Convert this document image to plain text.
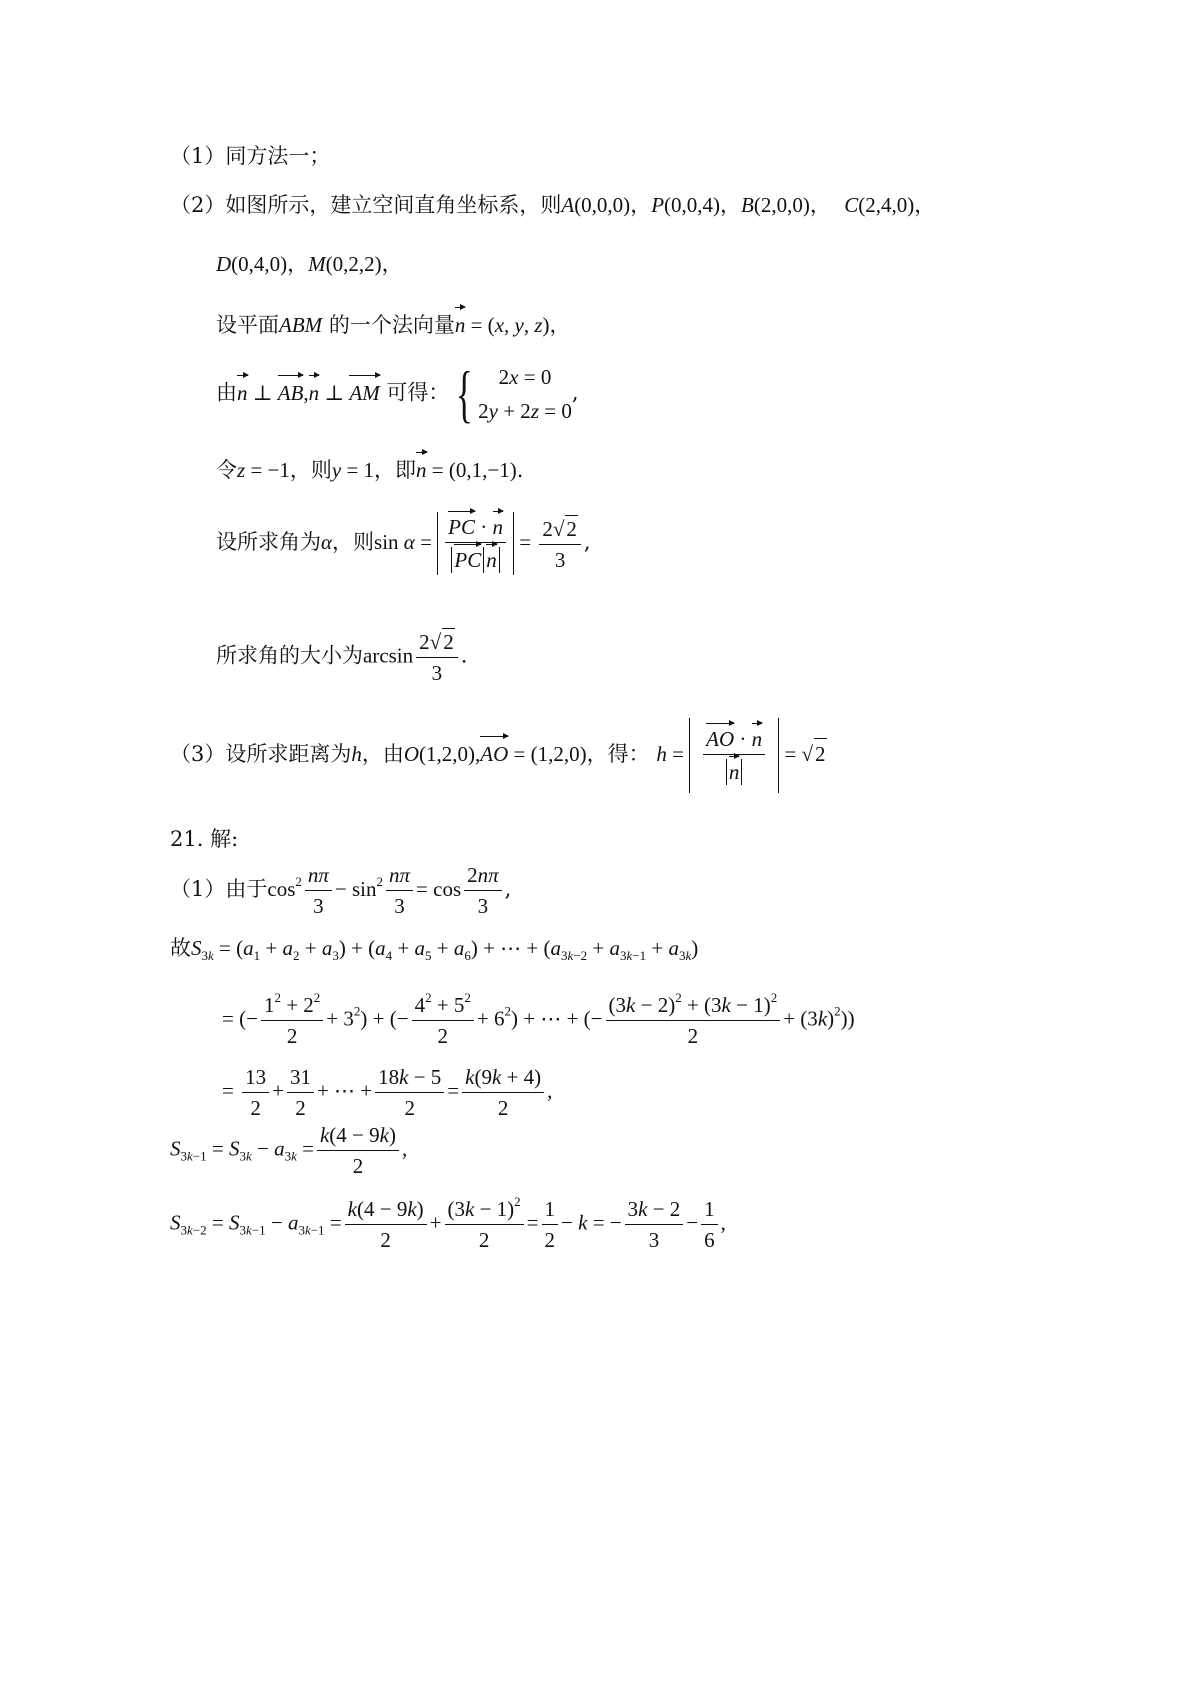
（1）同方法一；
（2）如图所示，建立空间直角坐标系，则A(0,0,0)，P(0,0,4)，B(2,0,0)， C(2,4,0)，
D(0,4,0)，M(0,2,2)，
设平面ABM 的一个法向量n = (x, y, z)，
由n ⊥ AB,n ⊥ AM 可得： { 2x = 0
2y + 2z = 0
,
令z = −1，则y = 1，即n = (0,1,−1).
设所求角为α，则$\sin \alpha = \frac{PC \cdot n}{\text{PC n}} = \frac{2√2}{3}$ ,
所求角的大小为$\arcsin \frac{2√2}{3}$ .
（3）设所求距离为h，由O(1,2,0),AO = (1,2,0)，得： $h = \frac{AO \cdot n}{n} = √2$
21. 解:
（1）由于$\cos^2 \frac{n\pi}{3} - \sin^2 \frac{n\pi}{3} = \cos \frac{2n\pi}{3}$ ,
故$S_{3k} = (a_1 + a_2 + a_3) + (a_4 + a_5 + a_6)$ + ⋯ + $(a_{3k-2} + a_{3k-1} + a_{3k})$
= (− $\frac{1^2 + 2^2}{2} + 3^2$) + (− $\frac{4^2 + 5^2}{2} + 6^2$) + ⋯ + (− $\frac{(3k - 2)^2 + (3k - 1)^2}{2} + (3k)^2$))
= $\frac{13}{2} + \frac{31}{2}$ + ⋯ + $\frac{18k - 5}{2} = \frac{k(9k + 4)}{2}$ ,
$S_{3k-1} = S_{3k} - a_{3k} = \frac{k(4 - 9k)}{2}$ ,
$S_{3k-2} = S_{3k-1} - a_{3k-1} = \frac{k(4 - 9k)}{2} + \frac{(3k - 1)^2}{2} = \frac{1}{2} - k$ = − $\frac{3k - 2}{3} - \frac{1}{6}$ ,
